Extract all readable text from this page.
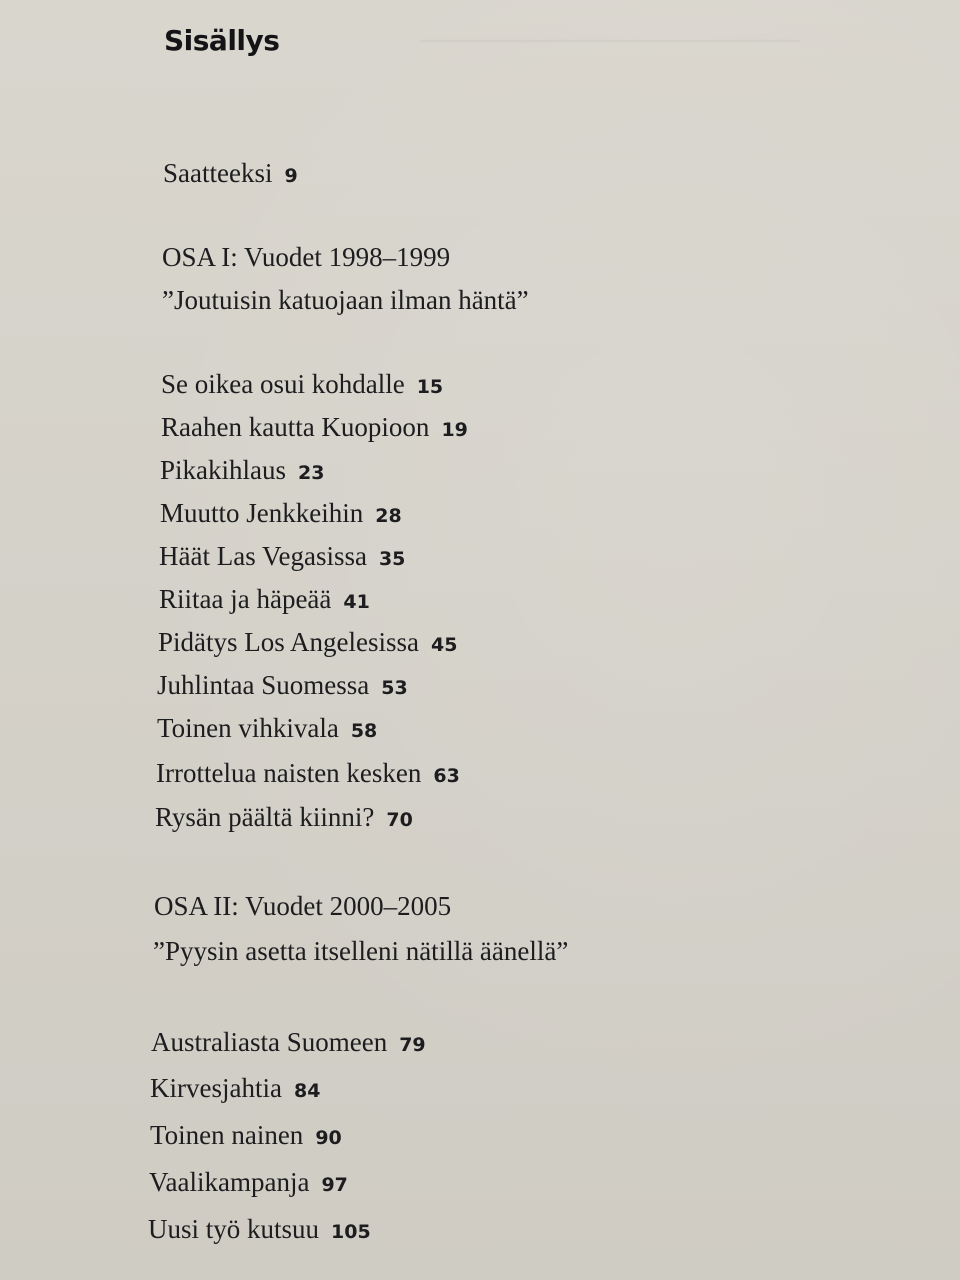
Sisällys
Saatteeksi 9
OSA I: Vuodet 1998–1999
”Joutuisin katuojaan ilman häntä”
Se oikea osui kohdalle 15
Raahen kautta Kuopioon 19
Pikakihlaus 23
Muutto Jenkkeihin 28
Häät Las Vegasissa 35
Riitaa ja häpeää 41
Pidätys Los Angelesissa 45
Juhlintaa Suomessa 53
Toinen vihkivala 58
Irrottelua naisten kesken 63
Rysän päältä kiinni? 70
OSA II: Vuodet 2000–2005
”Pyysin asetta itselleni nätillä äänellä”
Australiasta Suomeen 79
Kirvesjahtia 84
Toinen nainen 90
Vaalikampanja 97
Uusi työ kutsuu 105
